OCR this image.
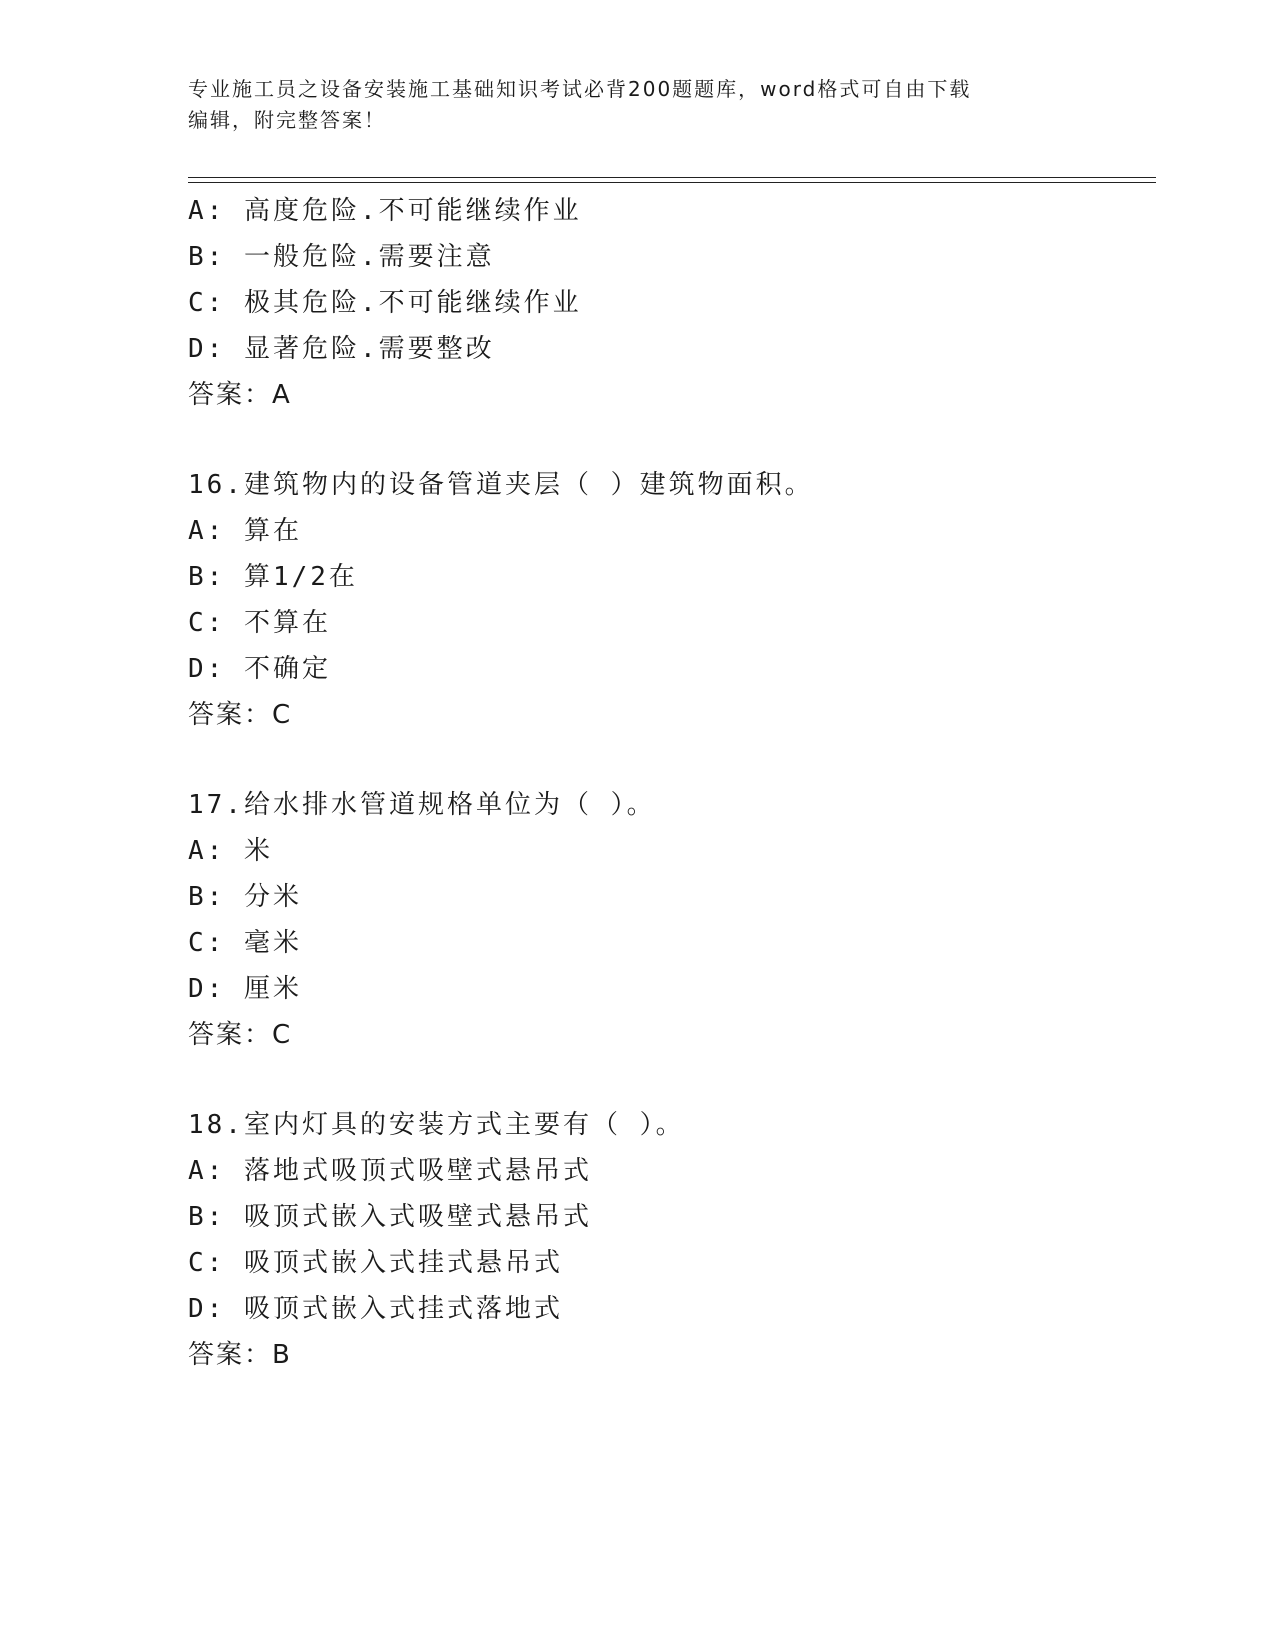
专业施工员之设备安装施工基础知识考试必背200题题库，word格式可自由下载
编辑，附完整答案！
A: 高度危险.不可能继续作业
B: 一般危险.需要注意
C: 极其危险.不可能继续作业
D: 显著危险.需要整改
答案：A
16.建筑物内的设备管道夹层（ ）建筑物面积。
A: 算在
B: 算1/2在
C: 不算在
D: 不确定
答案：C
17.给水排水管道规格单位为（ ）。
A: 米
B: 分米
C: 毫米
D: 厘米
答案：C
18.室内灯具的安装方式主要有（ ）。
A: 落地式吸顶式吸壁式悬吊式
B: 吸顶式嵌入式吸壁式悬吊式
C: 吸顶式嵌入式挂式悬吊式
D: 吸顶式嵌入式挂式落地式
答案：B
